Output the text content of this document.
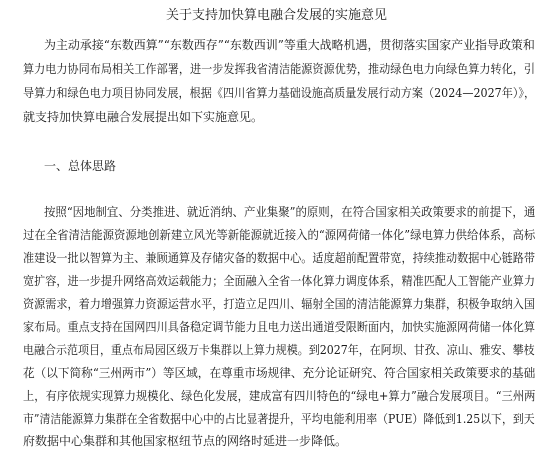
关于支持加快算电融合发展的实施意见
为主动承接“东数西算”“东数西存”“东数西训”等重大战略机遇，贯彻落实国家产业指导政策和
算力电力协同布局相关工作部署，进一步发挥我省清洁能源资源优势，推动绿色电力向绿色算力转化，引
导算力和绿色电力项目协同发展，根据《四川省算力基础设施高质量发展行动方案（2024—2027年）》，
就支持加快算电融合发展提出如下实施意见。
一、总体思路
按照“因地制宜、分类推进、就近消纳、产业集聚”的原则，在符合国家相关政策要求的前提下，通
过在全省清洁能源资源地创新建立风光等新能源就近接入的“源网荷储一体化”绿电算力供给体系，高标
准建设一批以智算为主、兼顾通算及存储灾备的数据中心。适度超前配置带宽，持续推动数据中心链路带
宽扩容，进一步提升网络高效运载能力；全面融入全省一体化算力调度体系，精准匹配人工智能产业算力
资源需求，着力增强算力资源运营水平，打造立足四川、辐射全国的清洁能源算力集群，积极争取纳入国
家布局。重点支持在国网四川具备稳定调节能力且电力送出通道受限断面内，加快实施源网荷储一体化算
电融合示范项目，重点布局园区级万卡集群以上算力规模。到2027年，在阿坝、甘孜、凉山、雅安、攀枝
花（以下简称“三州两市”）等区域，在尊重市场规律、充分论证研究、符合国家相关政策要求的基础
上，有序依规实现算力规模化、绿色化发展，建成富有四川特色的“绿电+算力”融合发展项目。“三州两
市”清洁能源算力集群在全省数据中心中的占比显著提升，平均电能利用率（PUE）降低到1.25以下，到天
府数据中心集群和其他国家枢纽节点的网络时延进一步降低。
